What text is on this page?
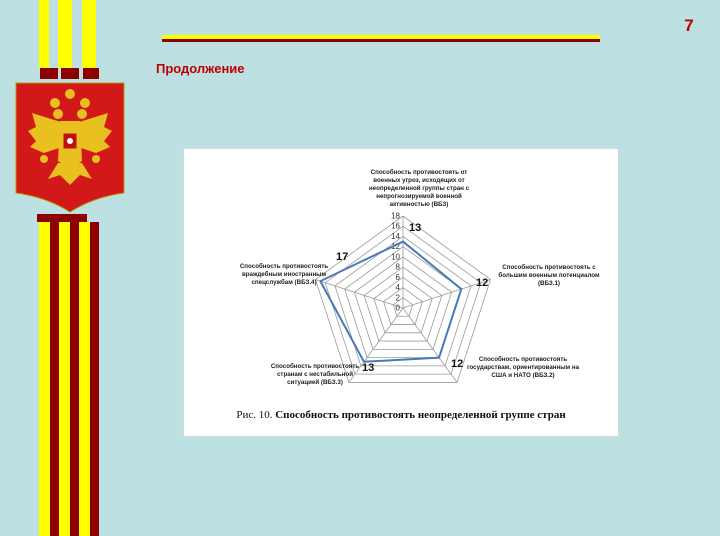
7
Продолжение
0
2
4
6
8
10
12
14
16
18
Способность противостоять от военных угроз, исходящих от неопределенной группы стран с непрогнозируемой военной активностью (ВБЗ)
Способность противостоять с большим военным потенциалом (ВБЗ.1)
Способность противостоять государствам, ориентированным на США и НАТО (ВБЗ.2)
Способность противостоять странам с нестабильной ситуацией (ВБЗ.3)
Способность противостоять враждебным иностранным спецслужбам (ВБЗ.4)
13
12
12
13
17
Рис. 10. Способность противостоять неопределенной группе стран
